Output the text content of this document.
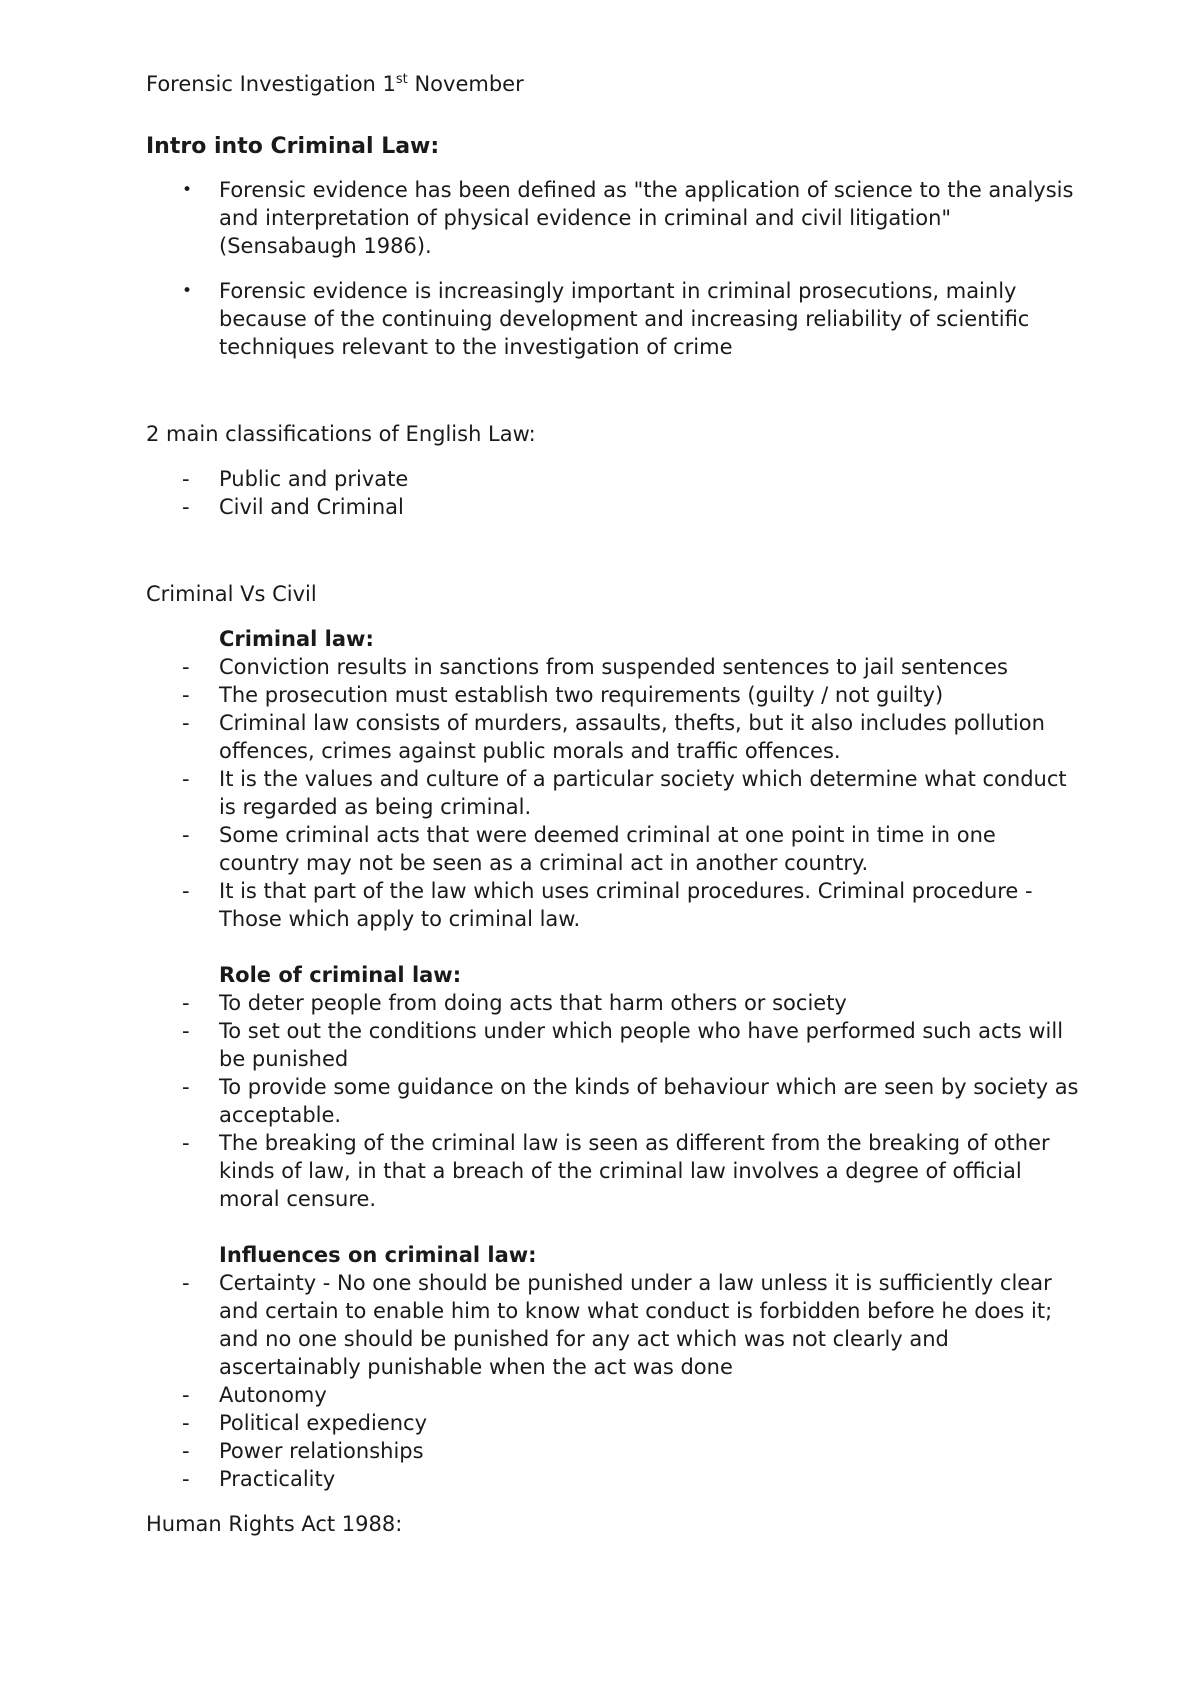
Forensic Investigation 1st November

Intro into Criminal Law:
• Forensic evidence has been defined as "the application of science to the analysis and interpretation of physical evidence in criminal and civil litigation" (Sensabaugh 1986).
• Forensic evidence is increasingly important in criminal prosecutions, mainly because of the continuing development and increasing reliability of scientific techniques relevant to the investigation of crime

2 main classifications of English Law:

- Public and private
- Civil and Criminal

Criminal Vs Civil

Criminal law:

- Conviction results in sanctions from suspended sentences to jail sentences
- The prosecution must establish two requirements (guilty / not guilty)
- Criminal law consists of murders, assaults, thefts, but it also includes pollution offences, crimes against public morals and traffic offences.
- It is the values and culture of a particular society which determine what conduct is regarded as being criminal.
- Some criminal acts that were deemed criminal at one point in time in one country may not be seen as a criminal act in another country.
- It is that part of the law which uses criminal procedures. Criminal procedure - Those which apply to criminal law.

Role of criminal law:

- To deter people from doing acts that harm others or society
- To set out the conditions under which people who have performed such acts will be punished
- To provide some guidance on the kinds of behaviour which are seen by society as acceptable.
- The breaking of the criminal law is seen as different from the breaking of other kinds of law, in that a breach of the criminal law involves a degree of official moral censure.

Influences on criminal law:

- Certainty - No one should be punished under a law unless it is sufficiently clear and certain to enable him to know what conduct is forbidden before he does it; and no one should be punished for any act which was not clearly and ascertainably punishable when the act was done
- Autonomy
- Political expediency
- Power relationships
- Practicality

Human Rights Act 1988:
